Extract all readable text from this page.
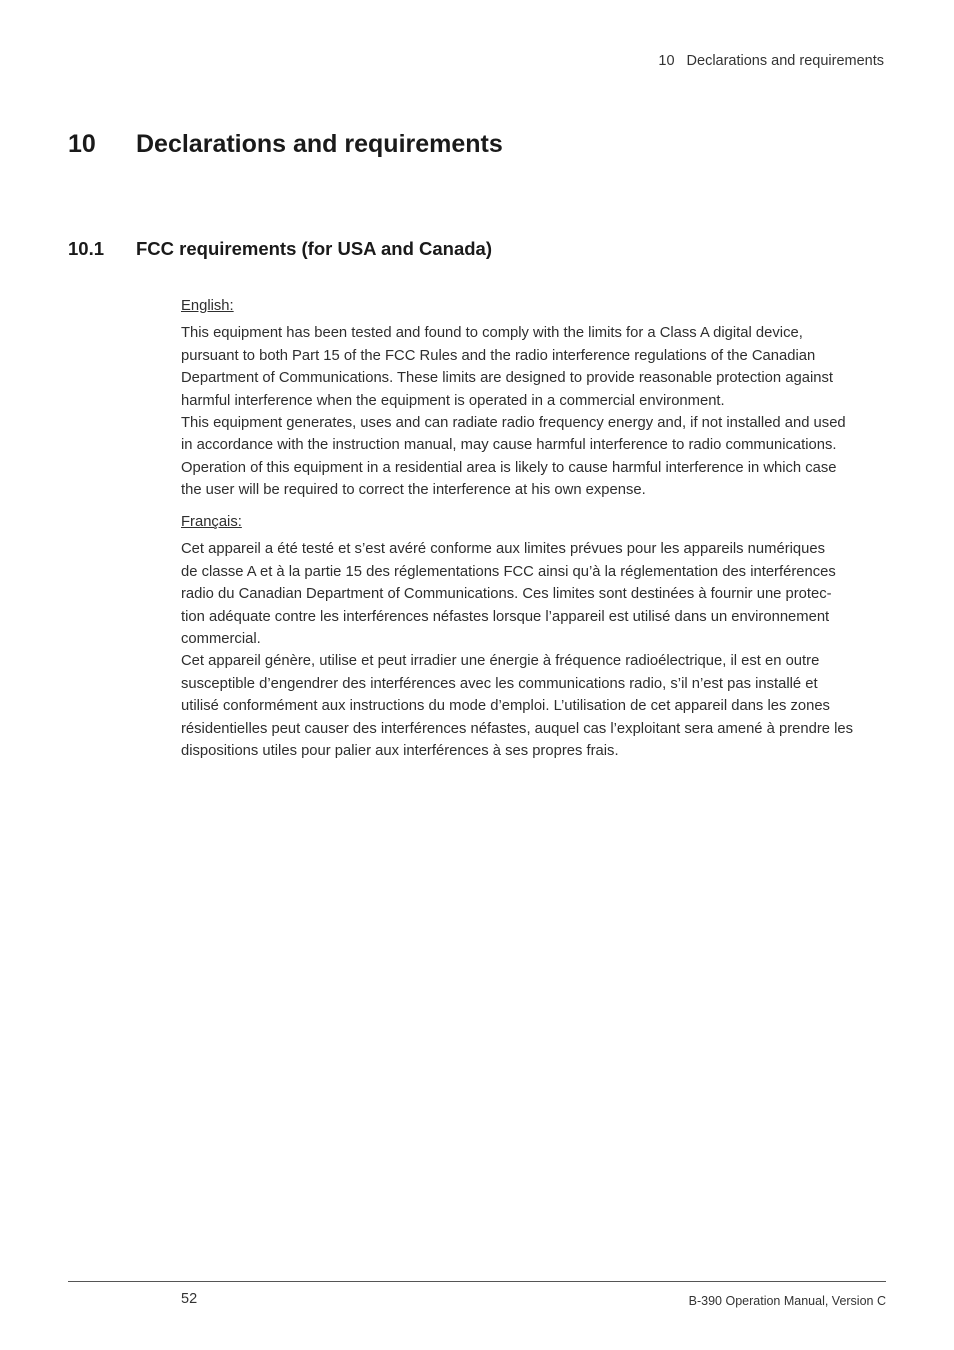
10 Declarations and requirements
10 Declarations and requirements
10.1 FCC requirements (for USA and Canada)
English:
This equipment has been tested and found to comply with the limits for a Class A digital device,
pursuant to both Part 15 of the FCC Rules and the radio interference regulations of the Canadian
Department of Communications. These limits are designed to provide reasonable protection against
harmful interference when the equipment is operated in a commercial environment.
This equipment generates, uses and can radiate radio frequency energy and, if not installed and used
in accordance with the instruction manual, may cause harmful interference to radio communications.
Operation of this equipment in a residential area is likely to cause harmful interference in which case
the user will be required to correct the interference at his own expense.
Français:
Cet appareil a été testé et s’est avéré conforme aux limites prévues pour les appareils numériques
de classe A et à la partie 15 des réglementations FCC ainsi qu’à la réglementation des interférences
radio du Canadian Department of Communications. Ces limites sont destinées à fournir une protec-
tion adéquate contre les interférences néfastes lorsque l’appareil est utilisé dans un environnement
commercial.
Cet appareil génère, utilise et peut irradier une énergie à fréquence radioélectrique, il est en outre
susceptible d’engendrer des interférences avec les communications radio, s’il n’est pas installé et
utilisé conformément aux instructions du mode d’emploi. L’utilisation de cet appareil dans les zones
résidentielles peut causer des interférences néfastes, auquel cas l’exploitant sera amené à prendre les
dispositions utiles pour palier aux interférences à ses propres frais.
52	B-390 Operation Manual, Version C
